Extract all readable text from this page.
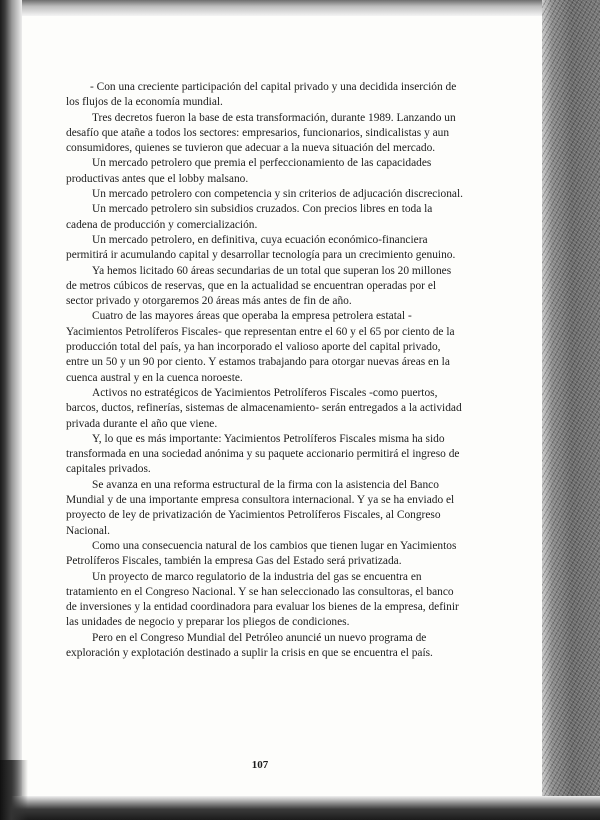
- Con una creciente participación del capital privado y una decidida inserción de los flujos de la economía mundial.

Tres decretos fueron la base de esta transformación, durante 1989. Lanzando un desafío que atañe a todos los sectores: empresarios, funcionarios, sindicalistas y aun consumidores, quienes se tuvieron que adecuar a la nueva situación del mercado.

Un mercado petrolero que premia el perfeccionamiento de las capacidades productivas antes que el lobby malsano.

Un mercado petrolero con competencia y sin criterios de adjucación discrecional.

Un mercado petrolero sin subsidios cruzados. Con precios libres en toda la cadena de producción y comercialización.

Un mercado petrolero, en definitiva, cuya ecuación económico-financiera permitirá ir acumulando capital y desarrollar tecnología para un crecimiento genuino.

Ya hemos licitado 60 áreas secundarias de un total que superan los 20 millones de metros cúbicos de reservas, que en la actualidad se encuentran operadas por el sector privado y otorgaremos 20 áreas más antes de fin de año.

Cuatro de las mayores áreas que operaba la empresa petrolera estatal - Yacimientos Petrolíferos Fiscales- que representan entre el 60 y el 65 por ciento de la producción total del país, ya han incorporado el valioso aporte del capital privado, entre un 50 y un 90 por ciento. Y estamos trabajando para otorgar nuevas áreas en la cuenca austral y en la cuenca noroeste.

Activos no estratégicos de Yacimientos Petrolíferos Fiscales -como puertos, barcos, ductos, refinerías, sistemas de almacenamiento- serán entregados a la actividad privada durante el año que viene.

Y, lo que es más importante: Yacimientos Petrolíferos Fiscales misma ha sido transformada en una sociedad anónima y su paquete accionario permitirá el ingreso de capitales privados.

Se avanza en una reforma estructural de la firma con la asistencia del Banco Mundial y de una importante empresa consultora internacional. Y ya se ha enviado el proyecto de ley de privatización de Yacimientos Petrolíferos Fiscales, al Congreso Nacional.

Como una consecuencia natural de los cambios que tienen lugar en Yacimientos Petrolíferos Fiscales, también la empresa Gas del Estado será privatizada.

Un proyecto de marco regulatorio de la industria del gas se encuentra en tratamiento en el Congreso Nacional. Y se han seleccionado las consultoras, el banco de inversiones y la entidad coordinadora para evaluar los bienes de la empresa, definir las unidades de negocio y preparar los pliegos de condiciones.

Pero en el Congreso Mundial del Petróleo anuncié un nuevo programa de exploración y explotación destinado a suplir la crisis en que se encuentra el país.

107
